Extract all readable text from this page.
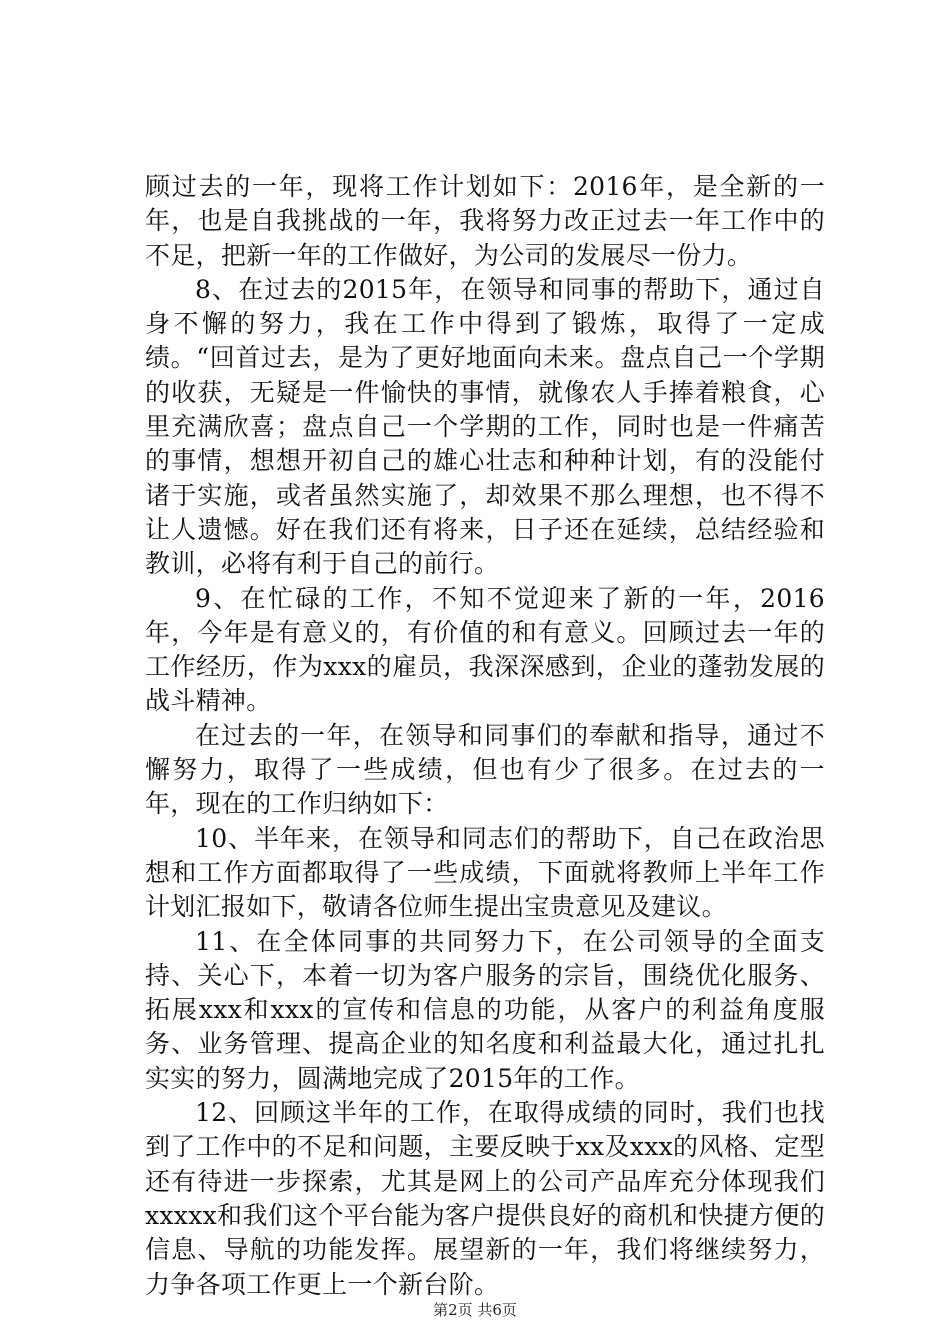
顾过去的一年，现将工作计划如下：2016年，是全新的一年，也是自我挑战的一年，我将努力改正过去一年工作中的不足，把新一年的工作做好，为公司的发展尽一份力。

8、在过去的2015年，在领导和同事的帮助下，通过自身不懈的努力，我在工作中得到了锻炼，取得了一定成绩。“回首过去，是为了更好地面向未来。盘点自己一个学期的收获，无疑是一件愉快的事情，就像农人手捧着粮食，心里充满欣喜；盘点自己一个学期的工作，同时也是一件痛苦的事情，想想开初自己的雄心壮志和种种计划，有的没能付诸于实施，或者虽然实施了，却效果不那么理想，也不得不让人遗憾。好在我们还有将来，日子还在延续，总结经验和教训，必将有利于自己的前行。

9、在忙碌的工作，不知不觉迎来了新的一年，2016年，今年是有意义的，有价值的和有意义。回顾过去一年的工作经历，作为xxx的雇员，我深深感到，企业的蓬勃发展的战斗精神。

在过去的一年，在领导和同事们的奉献和指导，通过不懈努力，取得了一些成绩，但也有少了很多。在过去的一年，现在的工作归纳如下：

10、半年来，在领导和同志们的帮助下，自己在政治思想和工作方面都取得了一些成绩，下面就将教师上半年工作计划汇报如下，敬请各位师生提出宝贵意见及建议。

11、在全体同事的共同努力下，在公司领导的全面支持、关心下，本着一切为客户服务的宗旨，围绕优化服务、拓展xxx和xxx的宣传和信息的功能，从客户的利益角度服务、业务管理、提高企业的知名度和利益最大化，通过扎扎实实的努力，圆满地完成了2015年的工作。

12、回顾这半年的工作，在取得成绩的同时，我们也找到了工作中的不足和问题，主要反映于xx及xxx的风格、定型还有待进一步探索，尤其是网上的公司产品库充分体现我们xxxxx和我们这个平台能为客户提供良好的商机和快捷方便的信息、导航的功能发挥。展望新的一年，我们将继续努力，力争各项工作更上一个新台阶。

第2页 共6页
